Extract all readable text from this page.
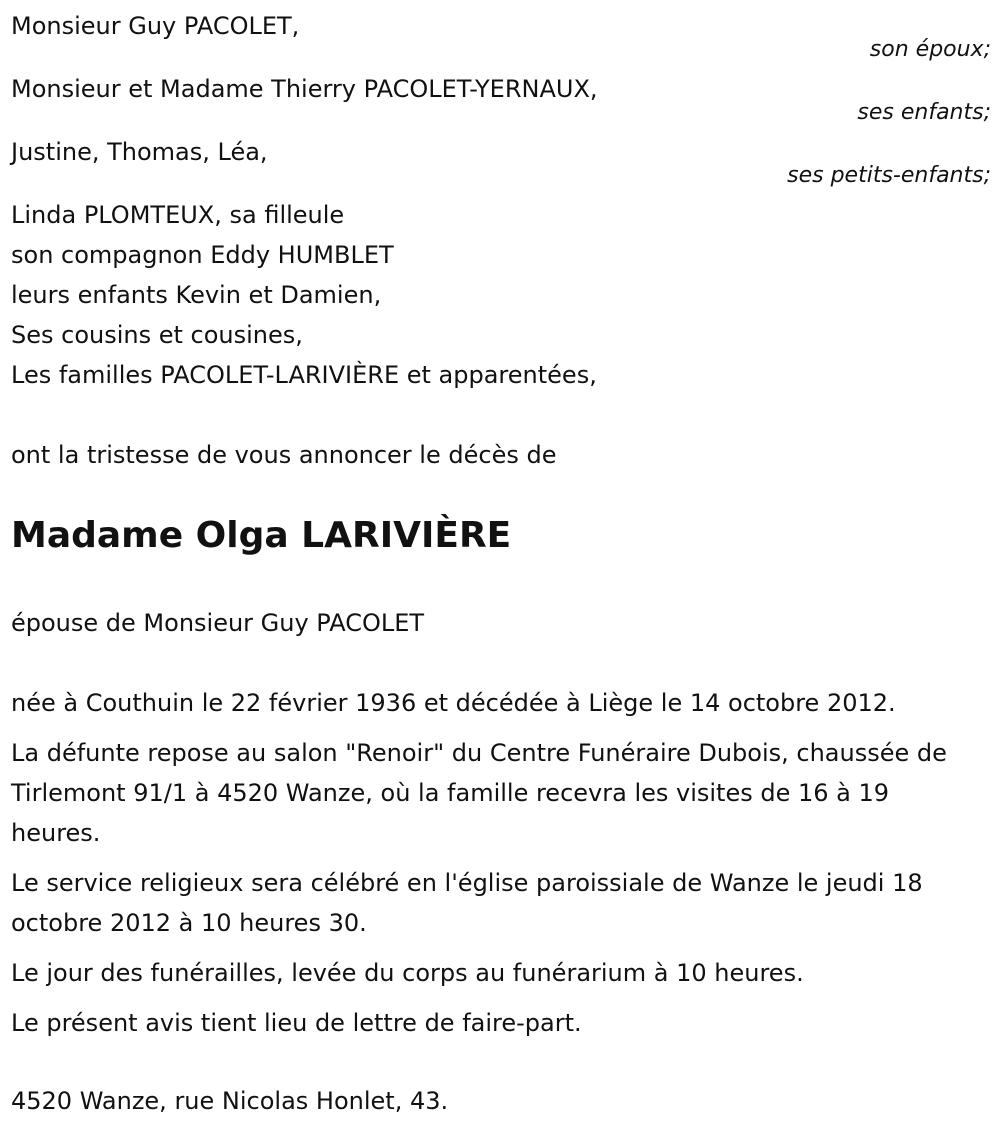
Monsieur Guy PACOLET,

son époux;

Monsieur et Madame Thierry PACOLET-YERNAUX,

ses enfants;

Justine, Thomas, Léa,

ses petits-enfants;

Linda PLOMTEUX, sa filleule

son compagnon Eddy HUMBLET

leurs enfants Kevin et Damien,

Ses cousins et cousines,

Les familles PACOLET-LARIVIÈRE et apparentées,

ont la tristesse de vous annoncer le décès de

Madame Olga LARIVIÈRE

épouse de Monsieur Guy PACOLET

née à Couthuin le 22 février 1936 et décédée à Liège le 14 octobre 2012.

La défunte repose au salon "Renoir" du Centre Funéraire Dubois, chaussée de Tirlemont 91/1 à 4520 Wanze, où la famille recevra les visites de 16 à 19 heures.

Le service religieux sera célébré en l'église paroissiale de Wanze le jeudi 18 octobre 2012 à 10 heures 30.

Le jour des funérailles, levée du corps au funérarium à 10 heures.

Le présent avis tient lieu de lettre de faire-part.

4520 Wanze, rue Nicolas Honlet, 43.
